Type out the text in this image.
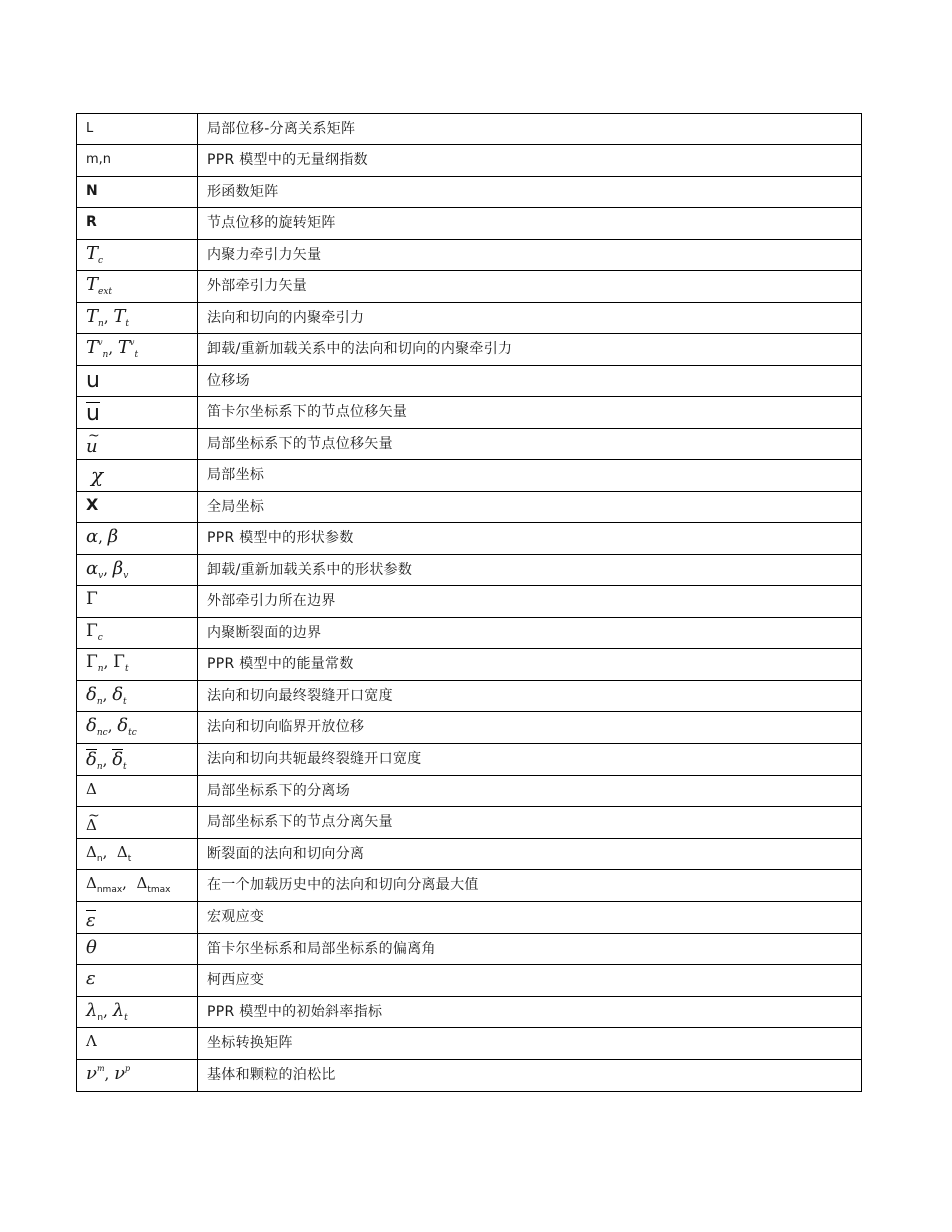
L	局部位移-分离关系矩阵

m,n	PPR 模型中的无量纲指数

N	形函数矩阵

R	节点位移的旋转矩阵

$T_c$	内聚力牵引力矢量

$T_{ext}$	外部牵引力矢量

$T_n$, $T_t$	法向和切向的内聚牵引力

$T^v_n$, $T^v_t$	卸载/重新加载关系中的法向和切向的内聚牵引力

u	位移场

u	笛卡尔坐标系下的节点位移矢量

~ u	局部坐标系下的节点位移矢量

χ	局部坐标

X	全局坐标

α, β	PPR 模型中的形状参数

$\alpha_v$, $\beta_v$	卸载/重新加载关系中的形状参数

Γ	外部牵引力所在边界

$\Gamma_c$	内聚断裂面的边界

$\Gamma_n$, $\Gamma_t$	PPR 模型中的能量常数

$\delta_n$, $\delta_t$	法向和切向最终裂缝开口宽度

$\delta_{nc}$, $\delta_{tc}$	法向和切向临界开放位移

$\delta_n$, $\delta_t$	法向和切向共轭最终裂缝开口宽度

Δ	局部坐标系下的分离场

~ Δ	局部坐标系下的节点分离矢量

$\Delta_n$,  $\Delta_t$	断裂面的法向和切向分离

$\Delta_{nmax}$,  $\Delta_{tmax}$	在一个加载历史中的法向和切向分离最大值

ε	宏观应变

θ	笛卡尔坐标系和局部坐标系的偏离角

ε	柯西应变

$\lambda_n$, $\lambda_t$	PPR 模型中的初始斜率指标

Λ	坐标转换矩阵

$\nu^m$, $\nu^p$	基体和颗粒的泊松比
